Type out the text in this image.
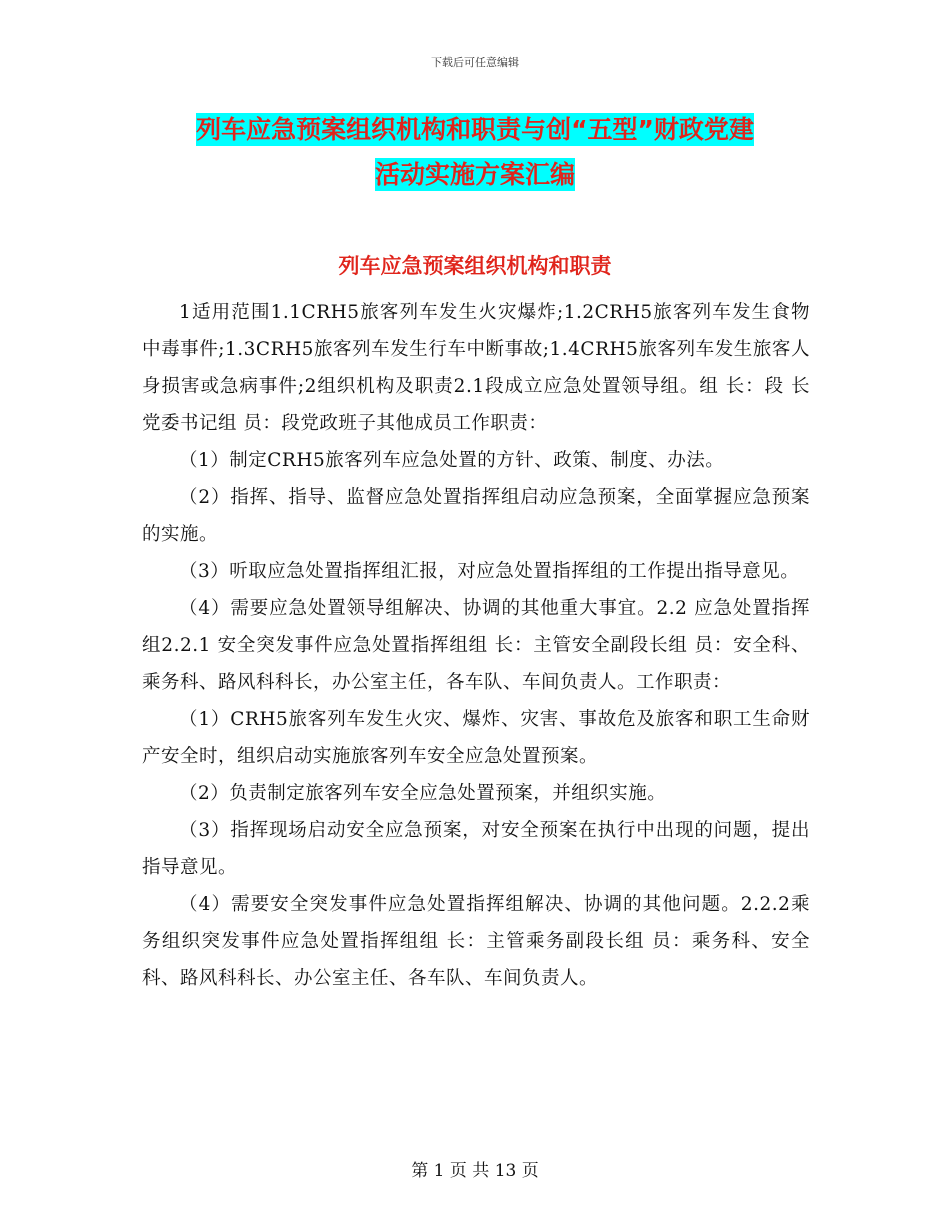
下载后可任意编辑
列车应急预案组织机构和职责与创“五型”财政党建
活动实施方案汇编
列车应急预案组织机构和职责

1适用范围1.1CRH5旅客列车发生火灾爆炸;1.2CRH5旅客列车发生食物中毒事件;1.3CRH5旅客列车发生行车中断事故;1.4CRH5旅客列车发生旅客人身损害或急病事件;2组织机构及职责2.1段成立应急处置领导组。组 长：段 长 党委书记组 员：段党政班子其他成员工作职责：

（1）制定CRH5旅客列车应急处置的方针、政策、制度、办法。

（2）指挥、指导、监督应急处置指挥组启动应急预案，全面掌握应急预案的实施。

（3）听取应急处置指挥组汇报，对应急处置指挥组的工作提出指导意见。

（4）需要应急处置领导组解决、协调的其他重大事宜。2.2 应急处置指挥组2.2.1 安全突发事件应急处置指挥组组 长：主管安全副段长组 员：安全科、乘务科、路风科科长，办公室主任，各车队、车间负责人。工作职责：

（1）CRH5旅客列车发生火灾、爆炸、灾害、事故危及旅客和职工生命财产安全时，组织启动实施旅客列车安全应急处置预案。

（2）负责制定旅客列车安全应急处置预案，并组织实施。

（3）指挥现场启动安全应急预案，对安全预案在执行中出现的问题，提出指导意见。

（4）需要安全突发事件应急处置指挥组解决、协调的其他问题。2.2.2乘务组织突发事件应急处置指挥组组 长：主管乘务副段长组 员：乘务科、安全科、路风科科长、办公室主任、各车队、车间负责人。

第 1 页 共 13 页
